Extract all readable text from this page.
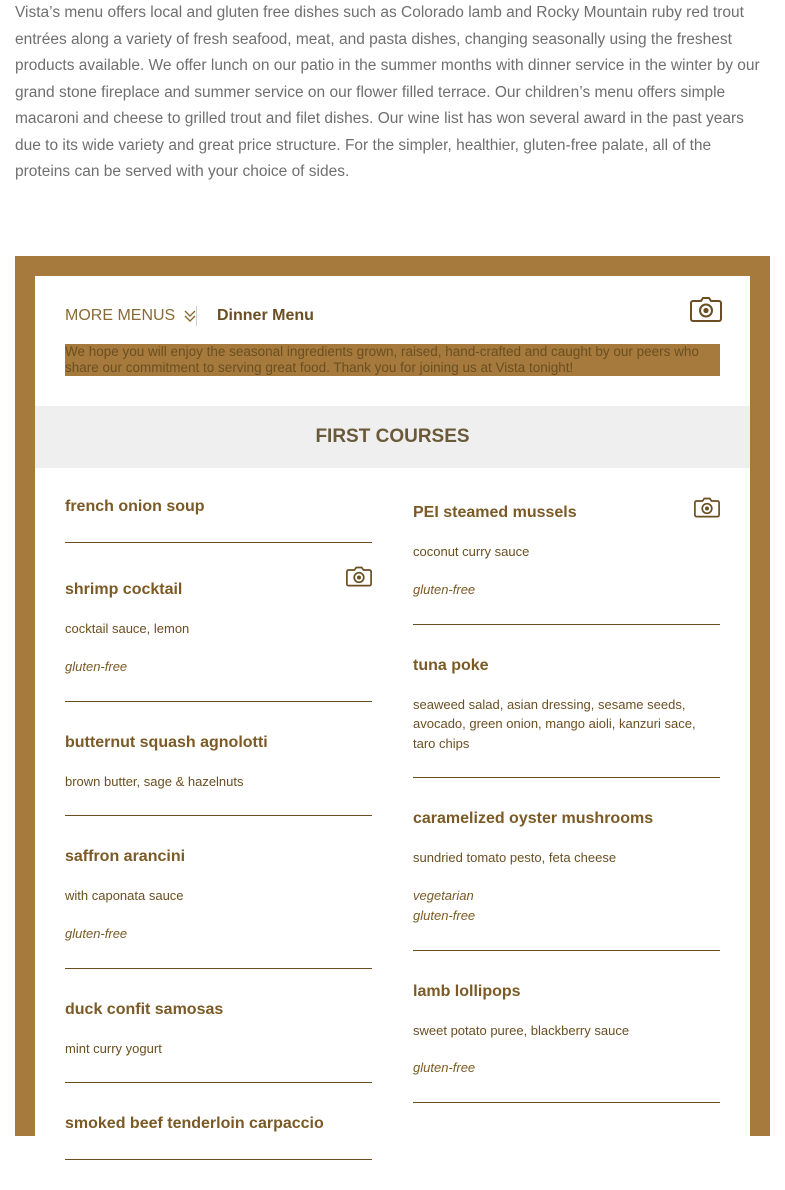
Vista’s menu offers local and gluten free dishes such as Colorado lamb and Rocky Mountain ruby red trout entrées along a variety of fresh seafood, meat, and pasta dishes, changing seasonally using the freshest products available. We offer lunch on our patio in the summer months with dinner service in the winter by our grand stone fireplace and summer service on our flower filled terrace. Our children’s menu offers simple macaroni and cheese to grilled trout and filet dishes. Our wine list has won several award in the past years due to its wide variety and great price structure. For the simpler, healthier, gluten-free palate, all of the proteins can be served with your choice of sides.

MORE MENUS	Dinner Menu
We hope you will enjoy the seasonal ingredients grown, raised, hand-crafted and caught by our peers who share our commitment to serving great food. Thank you for joining us at Vista tonight!
FIRST COURSES
french onion soup
shrimp cocktail

cocktail sauce, lemon

gluten-free
butternut squash agnolotti

brown butter, sage & hazelnuts

saffron arancini

with caponata sauce

gluten-free
duck confit samosas

mint curry yogurt

smoked beef tenderloin carpaccio
PEI steamed mussels

coconut curry sauce

gluten-free
tuna poke

seaweed salad, asian dressing, sesame seeds, avocado, green onion, mango aioli, kanzuri sace, taro chips

caramelized oyster mushrooms

sundried tomato pesto, feta cheese

vegetarian
gluten-free
lamb lollipops

sweet potato puree, blackberry sauce

gluten-free
